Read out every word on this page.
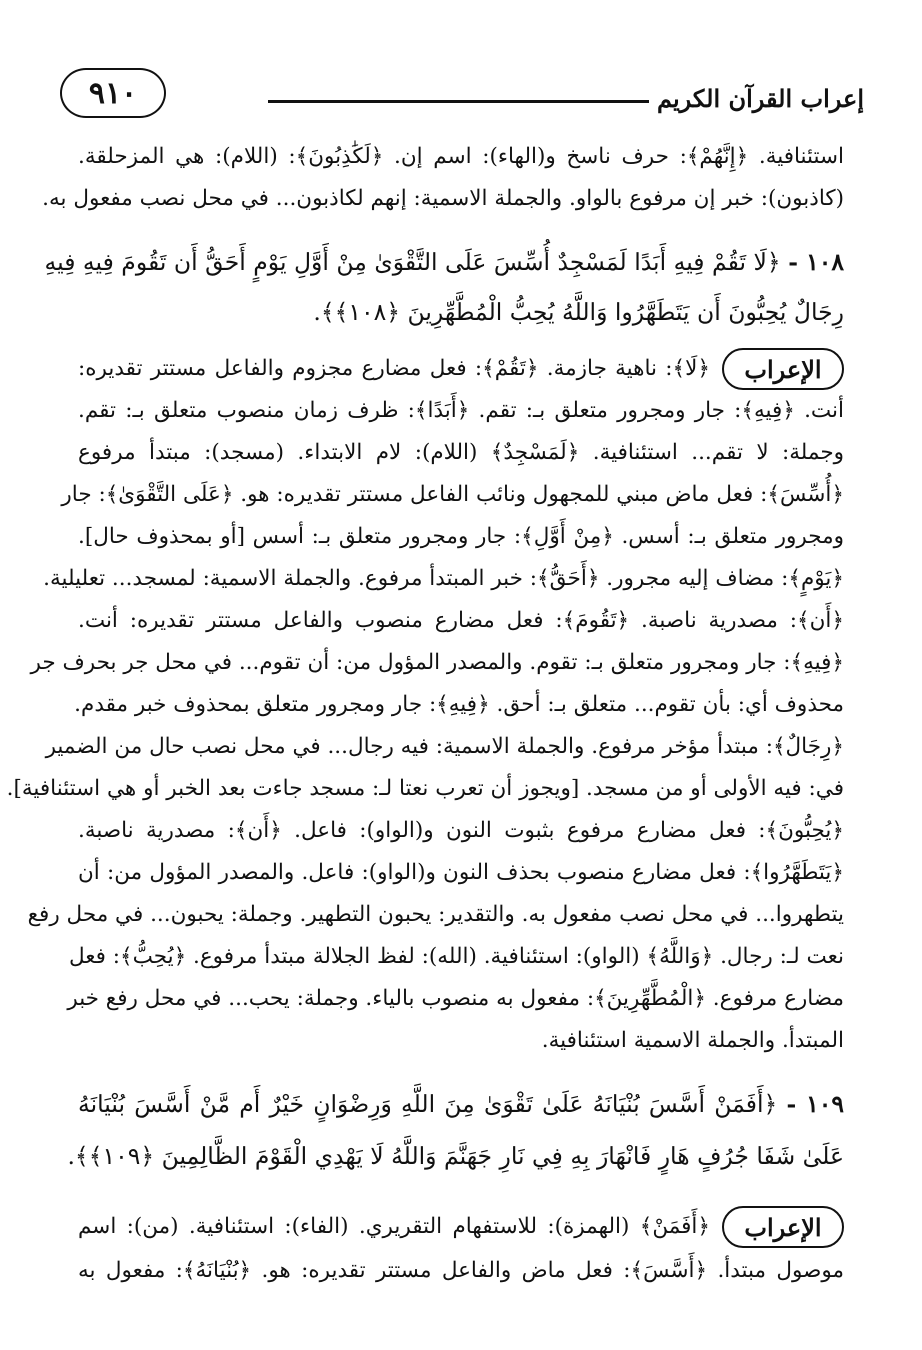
إعراب القرآن الكريم
٩١٠
استئنافية. ﴿إِنَّهُمْ﴾: حرف ناسخ و(الهاء): اسم إن. ﴿لَكَٰذِبُونَ﴾: (اللام): هي المزحلقة.
(كاذبون): خبر إن مرفوع بالواو. والجملة الاسمية: إنهم لكاذبون... في محل نصب مفعول به.
١٠٨ - ﴿لَا تَقُمْ فِيهِ أَبَدًا لَمَسْجِدٌ أُسِّسَ عَلَى التَّقْوَىٰ مِنْ أَوَّلِ يَوْمٍ أَحَقُّ أَن تَقُومَ فِيهِ فِيهِ
رِجَالٌ يُحِبُّونَ أَن يَتَطَهَّرُوا وَاللَّهُ يُحِبُّ الْمُطَّهِّرِينَ ﴿١٠٨﴾﴾.
الإعراب
﴿لَا﴾: ناهية جازمة. ﴿تَقُمْ﴾: فعل مضارع مجزوم والفاعل مستتر تقديره:
أنت. ﴿فِيهِ﴾: جار ومجرور متعلق بـ: تقم. ﴿أَبَدًا﴾: ظرف زمان منصوب متعلق بـ: تقم.
وجملة: لا تقم... استئنافية. ﴿لَمَسْجِدٌ﴾ (اللام): لام الابتداء. (مسجد): مبتدأ مرفوع
﴿أُسِّسَ﴾: فعل ماض مبني للمجهول ونائب الفاعل مستتر تقديره: هو. ﴿عَلَى التَّقْوَىٰ﴾: جار
ومجرور متعلق بـ: أسس. ﴿مِنْ أَوَّلِ﴾: جار ومجرور متعلق بـ: أسس [أو بمحذوف حال].
﴿يَوْمٍ﴾: مضاف إليه مجرور. ﴿أَحَقُّ﴾: خبر المبتدأ مرفوع. والجملة الاسمية: لمسجد... تعليلية.
﴿أَن﴾: مصدرية ناصبة. ﴿تَقُومَ﴾: فعل مضارع منصوب والفاعل مستتر تقديره: أنت.
﴿فِيهِ﴾: جار ومجرور متعلق بـ: تقوم. والمصدر المؤول من: أن تقوم... في محل جر بحرف جر
محذوف أي: بأن تقوم... متعلق بـ: أحق. ﴿فِيهِ﴾: جار ومجرور متعلق بمحذوف خبر مقدم.
﴿رِجَالٌ﴾: مبتدأ مؤخر مرفوع. والجملة الاسمية: فيه رجال... في محل نصب حال من الضمير
في: فيه الأولى أو من مسجد. [ويجوز أن تعرب نعتا لـ: مسجد جاءت بعد الخبر أو هي استئنافية].
﴿يُحِبُّونَ﴾: فعل مضارع مرفوع بثبوت النون و(الواو): فاعل. ﴿أَن﴾: مصدرية ناصبة.
﴿يَتَطَهَّرُوا﴾: فعل مضارع منصوب بحذف النون و(الواو): فاعل. والمصدر المؤول من: أن
يتطهروا... في محل نصب مفعول به. والتقدير: يحبون التطهير. وجملة: يحبون... في محل رفع
نعت لـ: رجال. ﴿وَاللَّهُ﴾ (الواو): استئنافية. (الله): لفظ الجلالة مبتدأ مرفوع. ﴿يُحِبُّ﴾: فعل
مضارع مرفوع. ﴿الْمُطَّهِّرِينَ﴾: مفعول به منصوب بالياء. وجملة: يحب... في محل رفع خبر
المبتدأ. والجملة الاسمية استئنافية.
١٠٩ - ﴿أَفَمَنْ أَسَّسَ بُنْيَانَهُ عَلَىٰ تَقْوَىٰ مِنَ اللَّهِ وَرِضْوَانٍ خَيْرٌ أَم مَّنْ أَسَّسَ بُنْيَانَهُ
عَلَىٰ شَفَا جُرُفٍ هَارٍ فَانْهَارَ بِهِ فِي نَارِ جَهَنَّمَ وَاللَّهُ لَا يَهْدِي الْقَوْمَ الظَّالِمِينَ ﴿١٠٩﴾﴾.
الإعراب
﴿أَفَمَنْ﴾ (الهمزة): للاستفهام التقريري. (الفاء): استئنافية. (من): اسم
موصول مبتدأ. ﴿أَسَّسَ﴾: فعل ماض والفاعل مستتر تقديره: هو. ﴿بُنْيَانَهُ﴾: مفعول به
